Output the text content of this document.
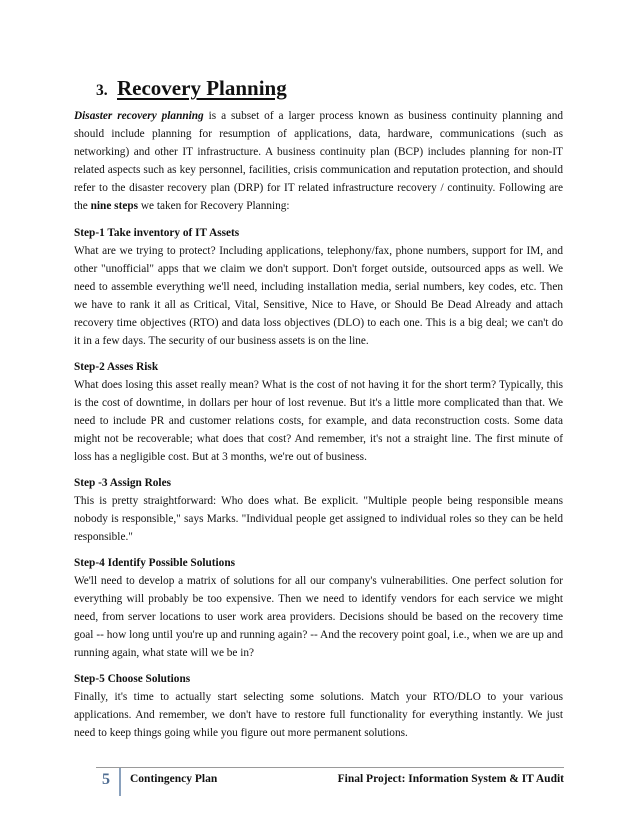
3. Recovery Planning

Disaster recovery planning is a subset of a larger process known as business continuity planning and should include planning for resumption of applications, data, hardware, communications (such as networking) and other IT infrastructure. A business continuity plan (BCP) includes planning for non-IT related aspects such as key personnel, facilities, crisis communication and reputation protection, and should refer to the disaster recovery plan (DRP) for IT related infrastructure recovery / continuity. Following are the nine steps we taken for Recovery Planning:

Step-1 Take inventory of IT Assets

What are we trying to protect? Including applications, telephony/fax, phone numbers, support for IM, and other "unofficial" apps that we claim we don't support. Don't forget outside, outsourced apps as well. We need to assemble everything we'll need, including installation media, serial numbers, key codes, etc. Then we have to rank it all as Critical, Vital, Sensitive, Nice to Have, or Should Be Dead Already and attach recovery time objectives (RTO) and data loss objectives (DLO) to each one. This is a big deal; we can't do it in a few days. The security of our business assets is on the line.

Step-2 Asses Risk

What does losing this asset really mean? What is the cost of not having it for the short term? Typically, this is the cost of downtime, in dollars per hour of lost revenue. But it's a little more complicated than that. We need to include PR and customer relations costs, for example, and data reconstruction costs. Some data might not be recoverable; what does that cost? And remember, it's not a straight line. The first minute of loss has a negligible cost. But at 3 months, we're out of business.

Step -3 Assign Roles

This is pretty straightforward: Who does what. Be explicit. "Multiple people being responsible means nobody is responsible," says Marks. "Individual people get assigned to individual roles so they can be held responsible."

Step-4 Identify Possible Solutions

We'll need to develop a matrix of solutions for all our company's vulnerabilities. One perfect solution for everything will probably be too expensive. Then we need to identify vendors for each service we might need, from server locations to user work area providers. Decisions should be based on the recovery time goal -- how long until you're up and running again? -- And the recovery point goal, i.e., when we are up and running again, what state will we be in?

Step-5 Choose Solutions

Finally, it's time to actually start selecting some solutions. Match your RTO/DLO to your various applications. And remember, we don't have to restore full functionality for everything instantly. We just need to keep things going while you figure out more permanent solutions.

5 Contingency Plan	Final Project: Information System & IT Audit
